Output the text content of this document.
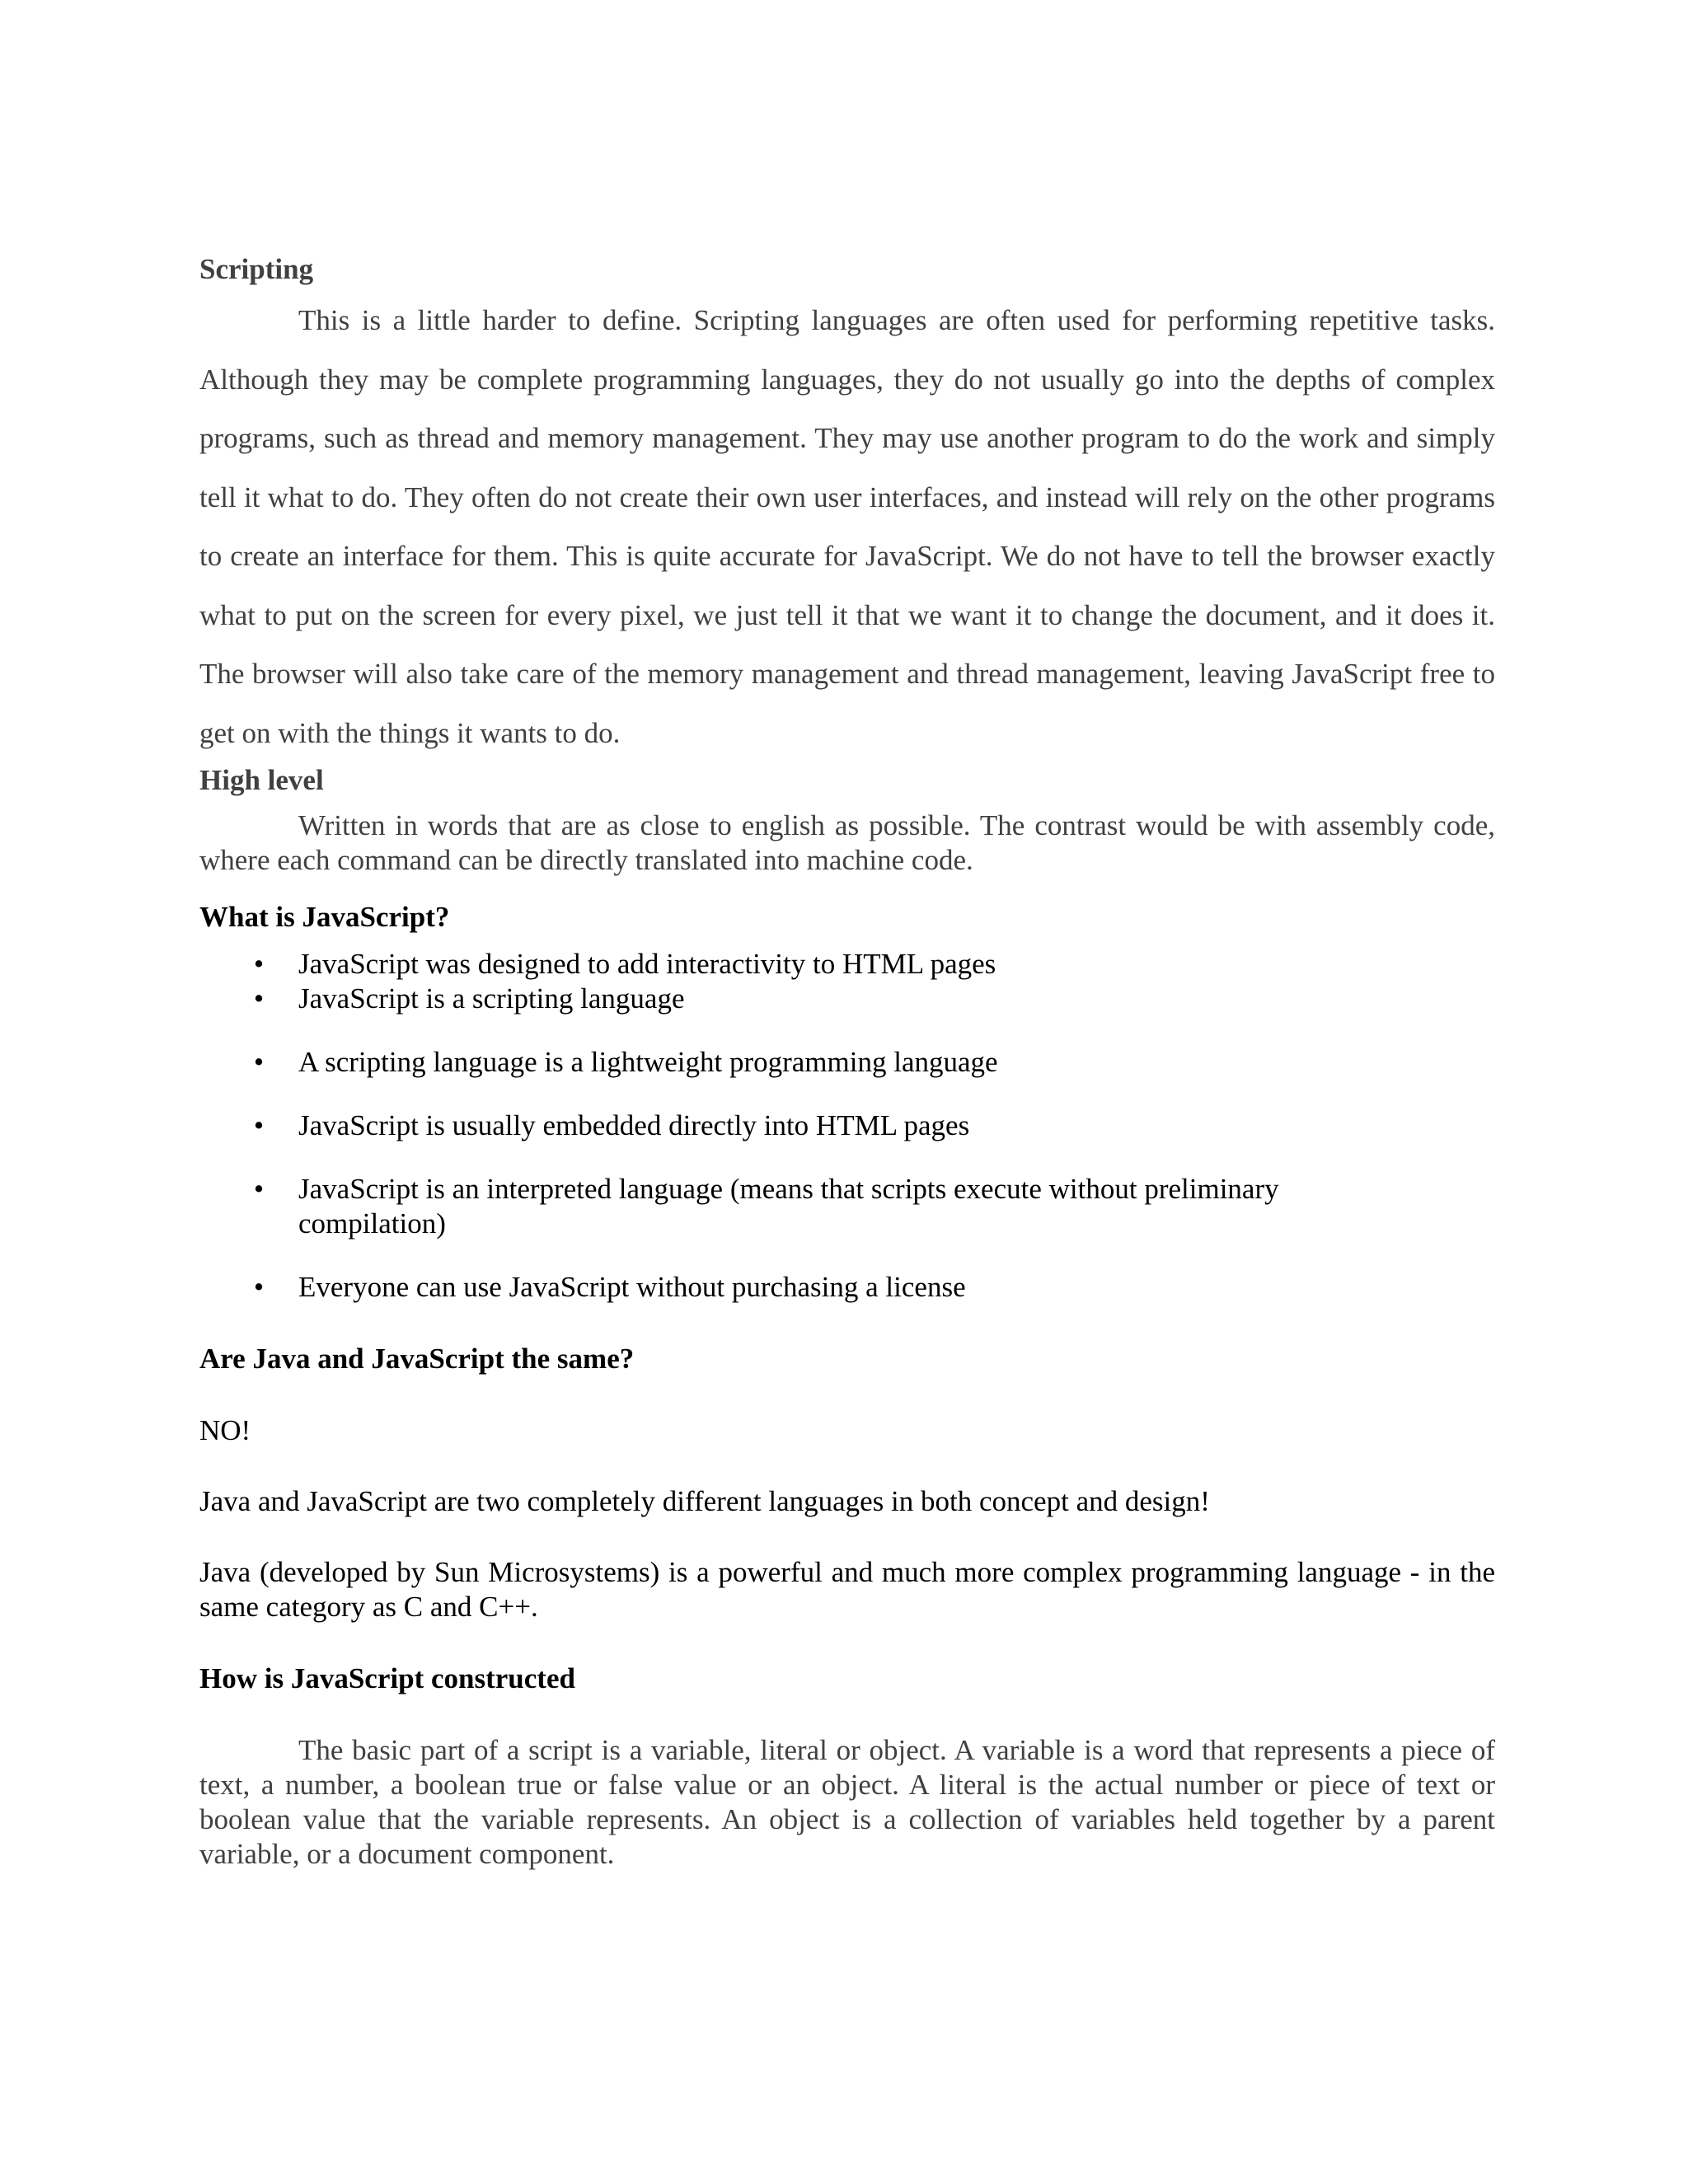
Scripting

This is a little harder to define. Scripting languages are often used for performing repetitive tasks. Although they may be complete programming languages, they do not usually go into the depths of complex programs, such as thread and memory management. They may use another program to do the work and simply tell it what to do. They often do not create their own user interfaces, and instead will rely on the other programs to create an interface for them. This is quite accurate for JavaScript. We do not have to tell the browser exactly what to put on the screen for every pixel, we just tell it that we want it to change the document, and it does it. The browser will also take care of the memory management and thread management, leaving JavaScript free to get on with the things it wants to do.

High level

Written in words that are as close to english as possible. The contrast would be with assembly code, where each command can be directly translated into machine code.

What is JavaScript?

• JavaScript was designed to add interactivity to HTML pages
• JavaScript is a scripting language
• A scripting language is a lightweight programming language
• JavaScript is usually embedded directly into HTML pages
• JavaScript is an interpreted language (means that scripts execute without preliminary compilation)
• Everyone can use JavaScript without purchasing a license

Are Java and JavaScript the same?

NO!

Java and JavaScript are two completely different languages in both concept and design!

Java (developed by Sun Microsystems) is a powerful and much more complex programming language - in the same category as C and C++.

How is JavaScript constructed

The basic part of a script is a variable, literal or object. A variable is a word that represents a piece of text, a number, a boolean true or false value or an object. A literal is the actual number or piece of text or boolean value that the variable represents. An object is a collection of variables held together by a parent variable, or a document component.
